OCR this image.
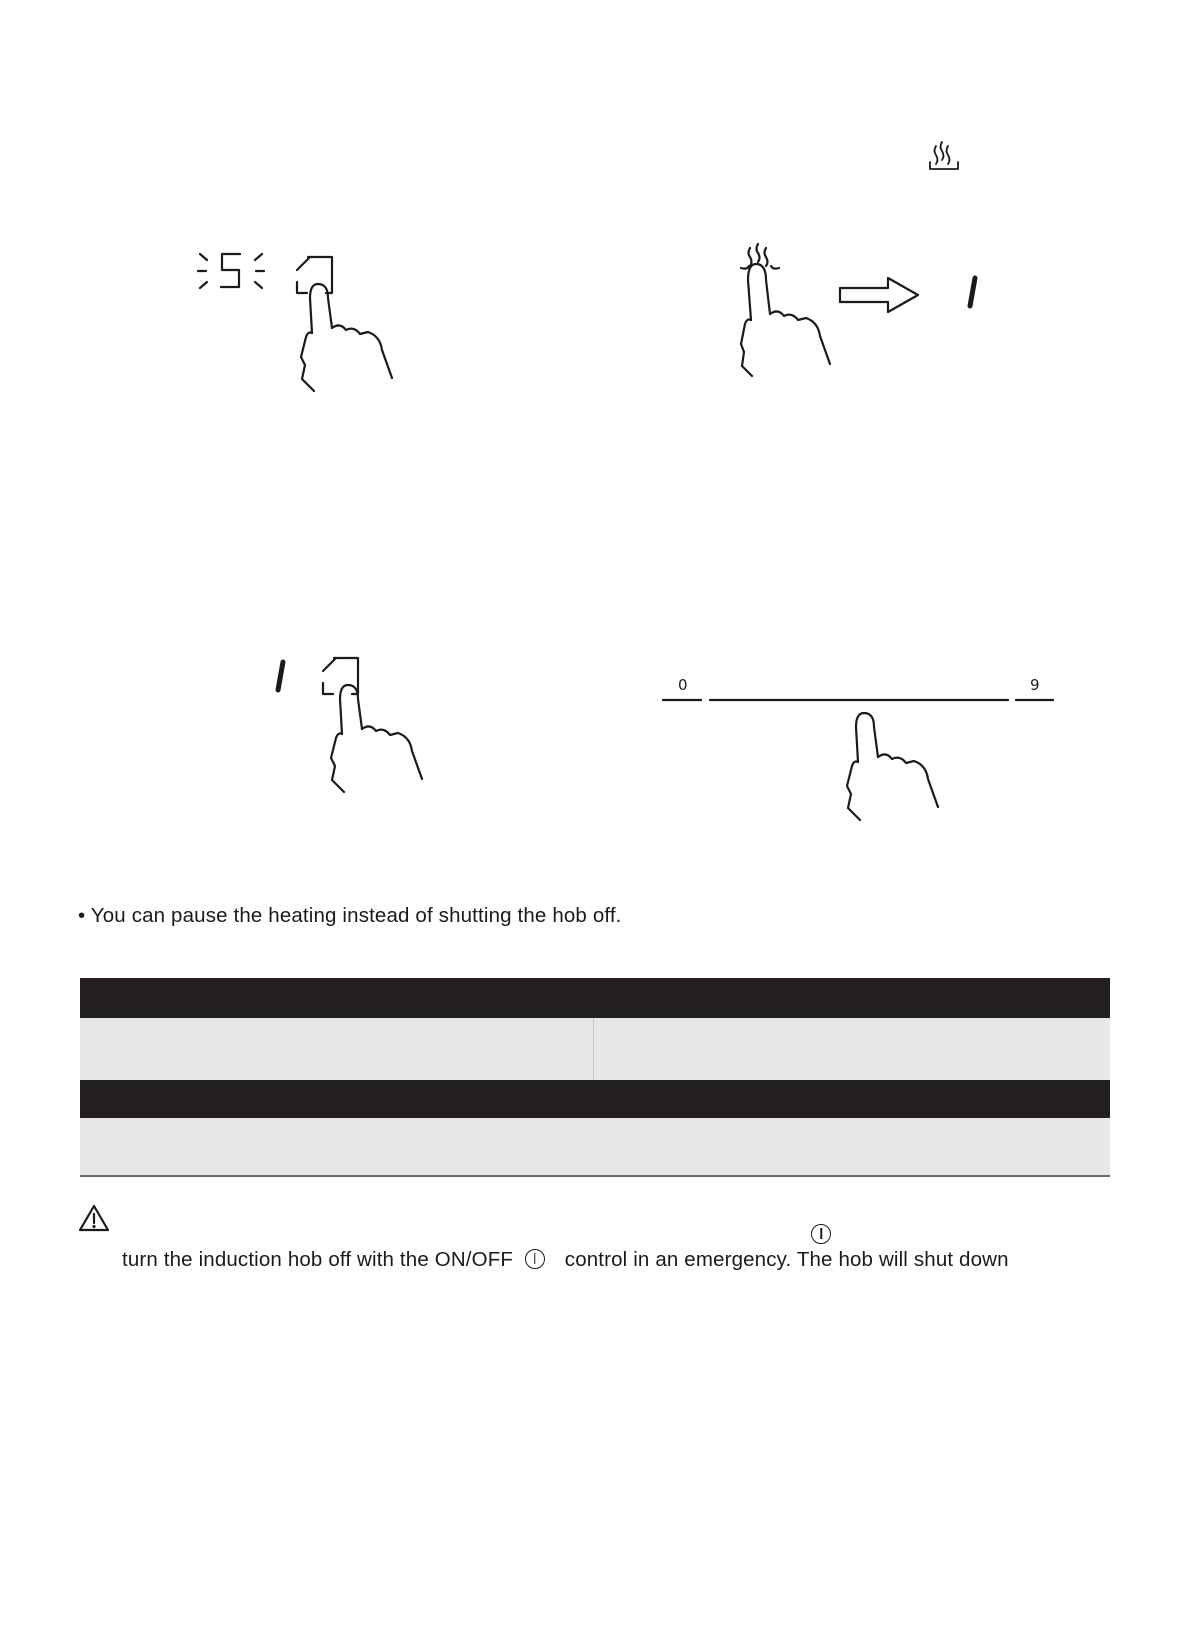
0	9
• You can pause the heating instead of shutting the hob off.
turn the induction hob off with the ON/OFF	control in an emergency. The hob will shut down
